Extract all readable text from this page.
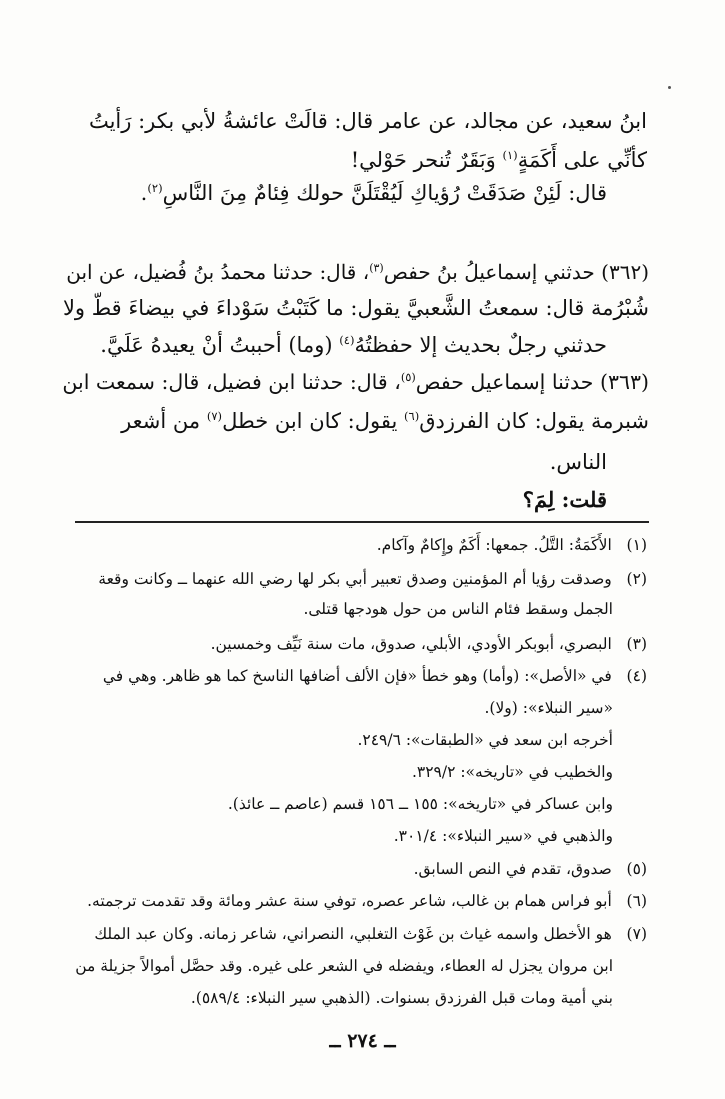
ابنُ سعيد، عن مجالد، عن عامر قال: قالَتْ عائشةُ لأبي بكر: رَأيتُ
كأنِّي على أَكَمَةٍ$^{(١)}$ وَبَقَرٌ تُنحر حَوْلي!
قال: لَئِنْ صَدَقَتْ رُؤياكِ لَيُقْتَلَنَّ حولك فِئامٌ مِنَ النَّاسِ$^{(٢)}$.
(٣٦٢) حدثني إسماعيلُ بنُ حفص$^{(٣)}$، قال: حدثنا محمدُ بنُ فُضيل، عن ابن
شُبْرُمة قال: سمعتُ الشَّعبيَّ يقول: ما كَتَبْتُ سَوْداءَ في بيضاءَ قطّ ولا
حدثني رجلٌ بحديث إلا حفظتُهُ$^{(٤)}$ (وما) أحببتُ أنْ يعيدهُ عَلَيَّ.
(٣٦٣) حدثنا إسماعيل حفص$^{(٥)}$، قال: حدثنا ابن فضيل، قال: سمعت ابن
شبرمة يقول: كان الفرزدق$^{(٦)}$ يقول: كان ابن خطل$^{(٧)}$ من أشعر
الناس.
قلت: لِمَ؟
(١)   الأَكَمَةُ: التَّلُ. جمعها: أَكَمٌ وإِكامٌ وآكام.
(٢)   وصدقت رؤيا أم المؤمنين وصدق تعبير أبي بكر لها رضي الله عنهما ــ وكانت وقعة
الجمل وسقط فئام الناس من حول هودجها قتلى.
(٣)   البصري، أبوبكر الأودي، الأبلي، صدوق، مات سنة نَيِّف وخمسين.
(٤)   في «الأصل»: (وأما) وهو خطأ «فإن الألف أضافها الناسخ كما هو ظاهر. وهي في
«سير النبلاء»: (ولا).
أخرجه ابن سعد في «الطبقات»: ٢٤٩/٦.
والخطيب في «تاريخه»: ٣٢٩/٢.
وابن عساكر في «تاريخه»: ١٥٥ ــ ١٥٦ قسم (عاصم ــ عائذ).
والذهبي في «سير النبلاء»: ٣٠١/٤.
(٥)   صدوق، تقدم في النص السابق.
(٦)   أبو فراس همام بن غالب، شاعر عصره، توفي سنة عشر ومائة وقد تقدمت ترجمته.
(٧)   هو الأخطل واسمه غياث بن غَوْث التغلبي، النصراني، شاعر زمانه. وكان عبد الملك
ابن مروان يجزل له العطاء، ويفضله في الشعر على غيره. وقد حصَّل أموالاً جزيلة من
بني أمية ومات قبل الفرزدق بسنوات. (الذهبي سير النبلاء: ٥٨٩/٤).
ــ ٢٧٤ ــ
